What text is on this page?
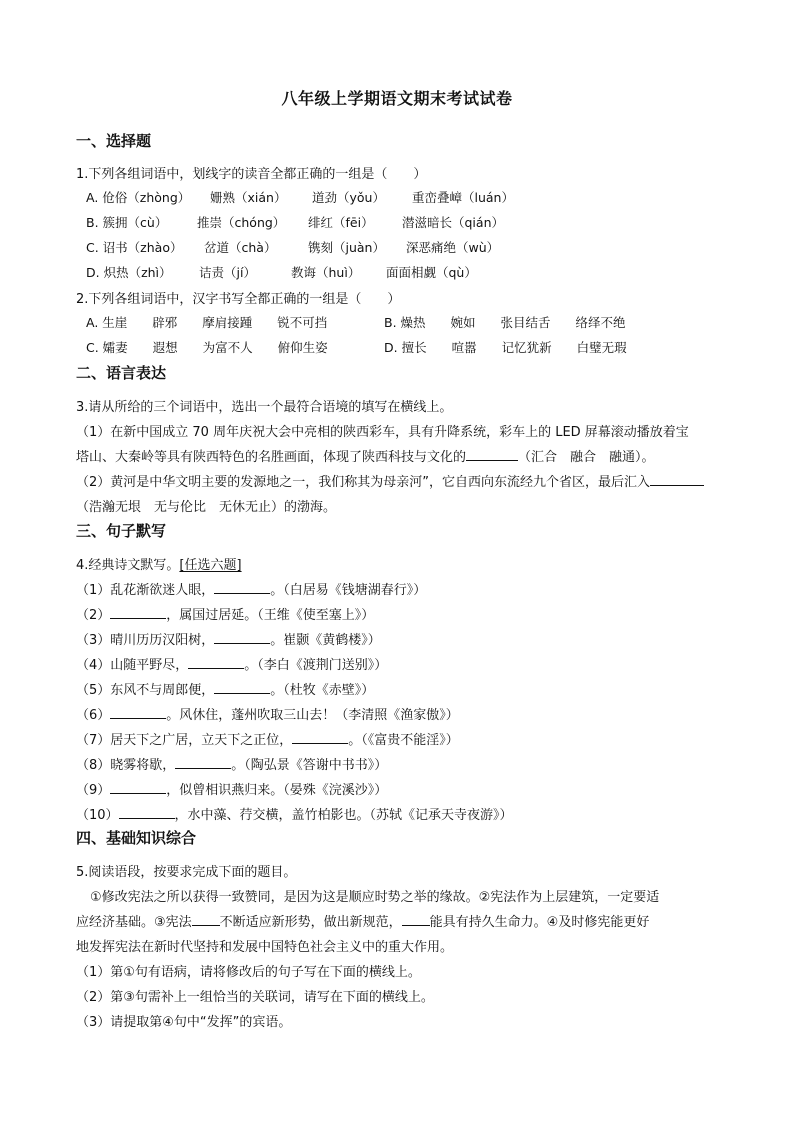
八年级上学期语文期末考试试卷
一、选择题
1.下列各组词语中，划线字的读音全都正确的一组是（　　）
A. 伧俗（zhòng） 姗熟（xián） 道劲（yǒu） 重峦叠嶂（luán）
B. 簇拥（cù） 推崇（chóng） 绯红（fēi） 潜滋暗长（qián）
C. 诏书（zhào） 岔道（chà）	镌刻（juàn） 深恶痛绝（wù）
D. 炽热（zhì） 诘责（jí）	教诲（huì） 面面相觑（qù）
2.下列各组词语中，汉字书写全都正确的一组是（　　）
A. 生崖　　辟邪　　摩肩接踵　　锐不可挡	B. 燥热　　婉如　　张目结舌　　络绎不绝
C. 孀妻　　遐想　　为富不人　　俯仰生姿	D. 擅长　　喧嚣　　记忆犹新　　白璧无瑕
二、语言表达
3.请从所给的三个词语中，选出一个最符合语境的填写在横线上。
（1）在新中国成立 70 周年庆祝大会中亮相的陕西彩车，具有升降系统，彩车上的 LED 屏幕滚动播放着宝
塔山、大秦岭等具有陕西特色的名胜画面，体现了陕西科技与文化的	（汇合　融合　融通）。
（2）黄河是中华文明主要的发源地之一，我们称其为母亲河”，它自西向东流经九个省区，最后汇入
（浩瀚无垠　无与伦比　无休无止）的渤海。
三、句子默写
4.经典诗文默写。[任选六题]
（1）乱花渐欲迷人眼，	。（白居易《钱塘湖春行》）
（2）	，属国过居延。（王维《使至塞上》）
（3）晴川历历汉阳树，	。崔颢《黄鹤楼》）
（4）山随平野尽，	。（李白《渡荆门送别》）
（5）东风不与周郎便，	。（杜牧《赤壁》）
（6）	。风休住，蓬州吹取三山去！（李清照《渔家傲》）
（7）居天下之广居，立天下之正位，	。（《富贵不能淫》）
（8）晓雾将歇，	。（陶弘景《答谢中书书》）
（9）	，似曾相识燕归来。（晏殊《浣溪沙》）
（10）	，水中藻、荇交横，盖竹柏影也。（苏轼《记承天寺夜游》）
四、基础知识综合
5.阅读语段，按要求完成下面的题目。
①修改宪法之所以获得一致赞同，是因为这是顺应时势之举的缘故。②宪法作为上层建筑，一定要适
应经济基础。③宪法 不断适应新形势，做出新规范， 能具有持久生命力。④及时修宪能更好
地发挥宪法在新时代坚持和发展中国特色社会主义中的重大作用。
（1）第①句有语病，请将修改后的句子写在下面的横线上。
（2）第③句需补上一组恰当的关联词，请写在下面的横线上。
（3）请提取第④句中“发挥”的宾语。
